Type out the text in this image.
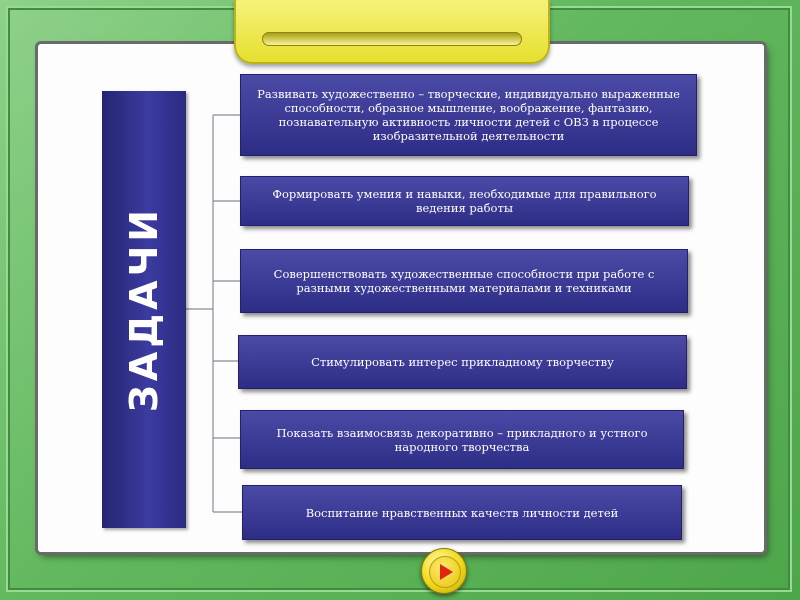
ЗАДАЧИ
Развивать художественно – творческие, индивидуально выраженные способности, образное мышление, воображение, фантазию, познавательную активность личности детей с ОВЗ в процессе изобразительной деятельности
Формировать умения и навыки, необходимые для правильного ведения работы
Совершенствовать художественные способности при работе с разными художественными материалами и техниками
Стимулировать интерес прикладному творчеству
Показать взаимосвязь декоративно – прикладного и устного народного творчества
Воспитание нравственных качеств личности детей
